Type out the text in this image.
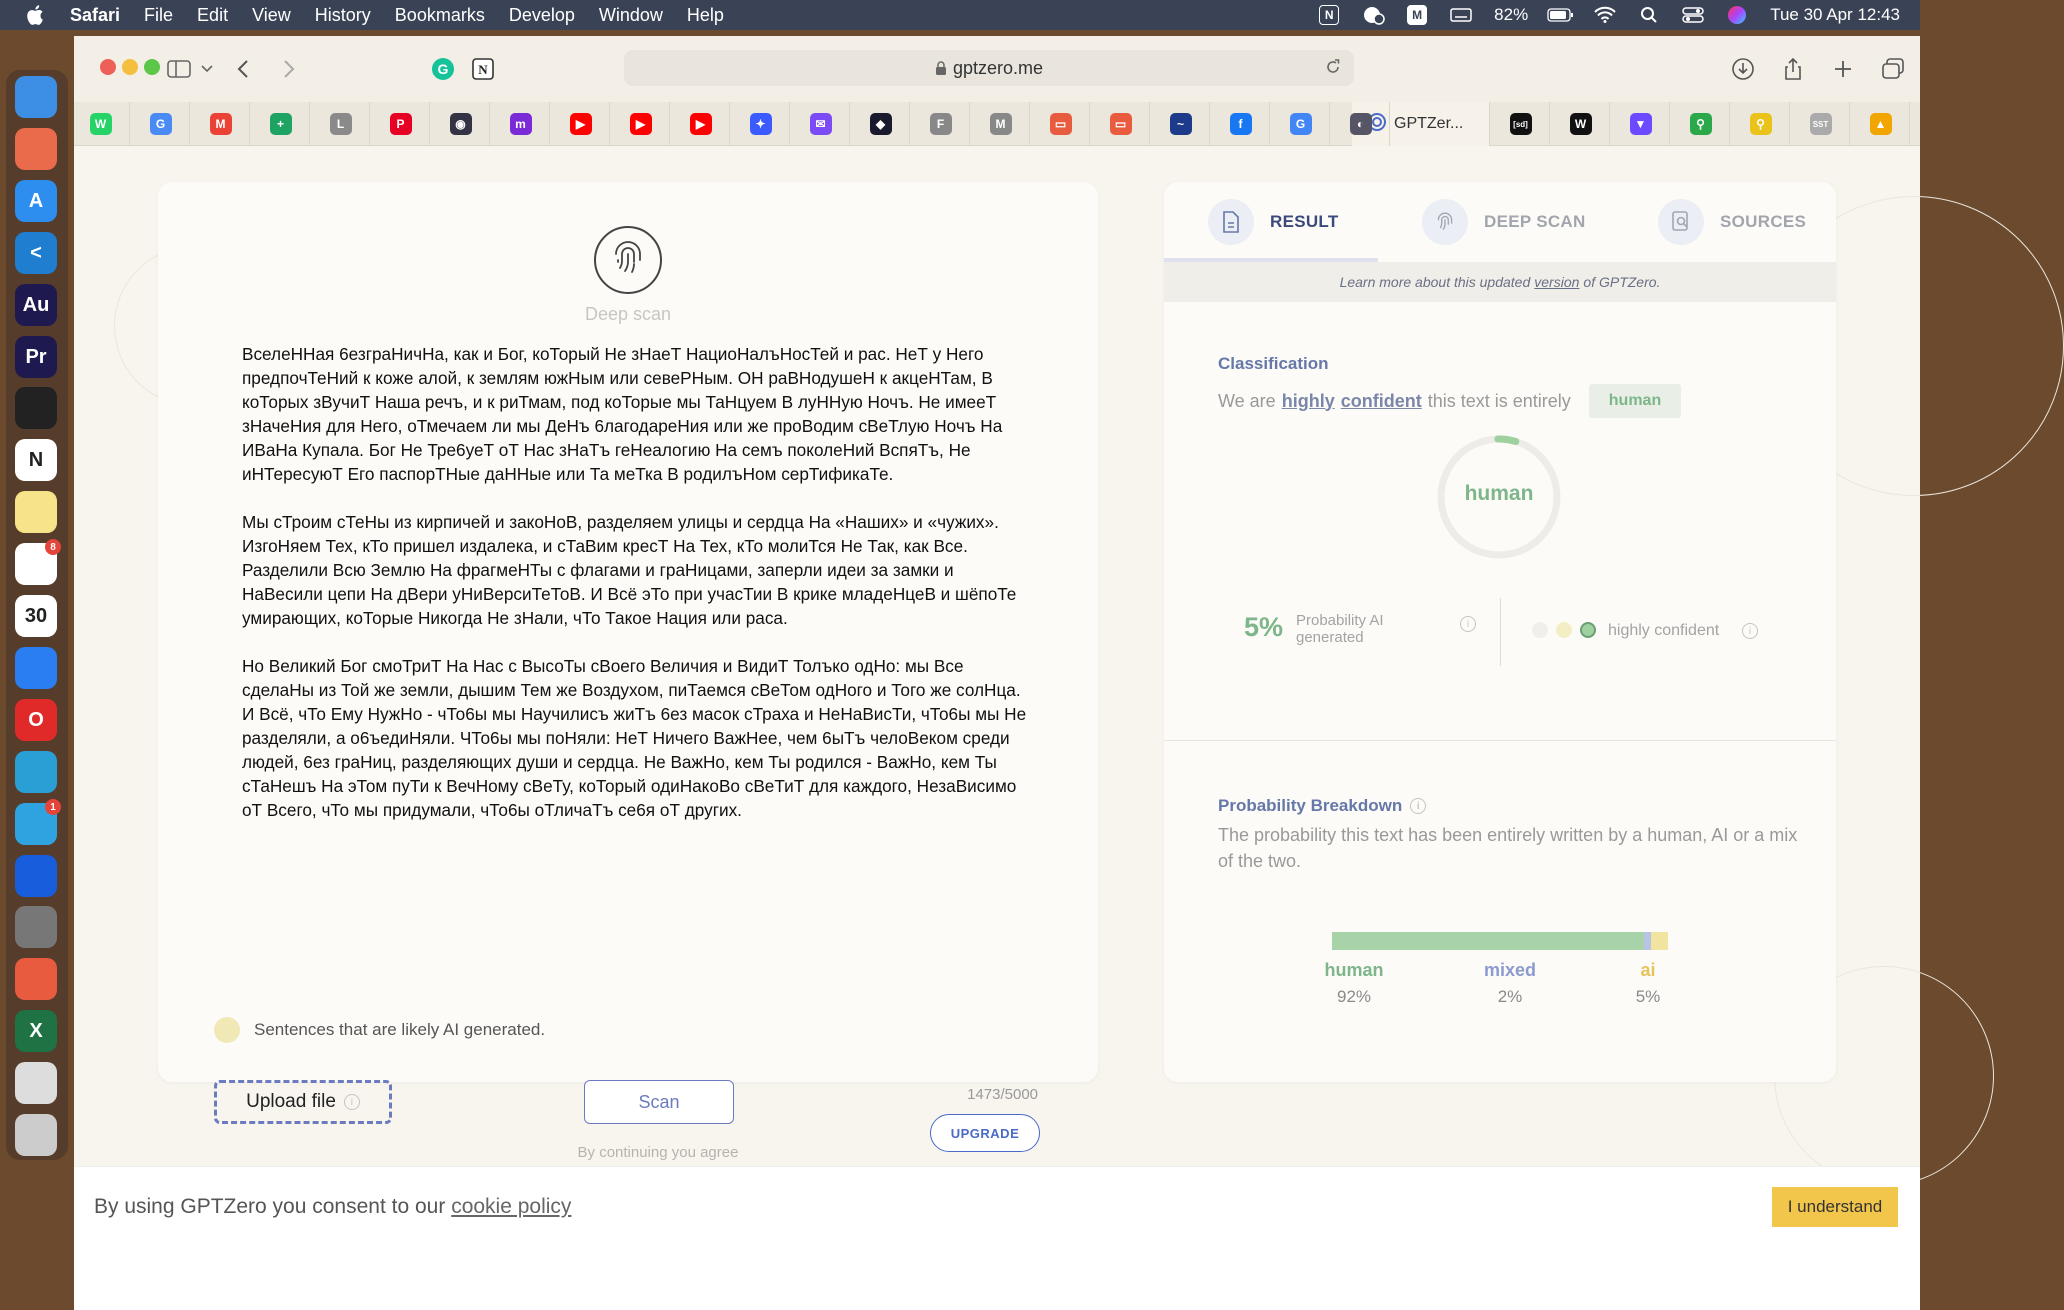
Safari File Edit View History Bookmarks Develop Window Help	N	M	82%	Tue 30 Apr 12:43
A
<
Au
Pr
N
8
30
O
1
X
G N	gptzero.me
GPTZer...
W	G	M	+	L	P	◉	m	▶	▶	▶	✦	✉	◆	F	M	▭	▭	~	f	G	◐	[sd]	W	▼	⚲	⚲	SST	▲
Deep scan

ВселеННая 6езграНичНа, как и Бог, коТорый Не зНаеТ НациоНалъНосТей и рас. НеТ у Него предпочТеНий к коже алой, к землям южНым или севеРНым. ОН раВНодушеН к акцеНТам, В коТорых зВучиТ Наша речъ, и к риТмам, под коТорые мы ТаНцуем В луННую Ночъ. Не имееТ зНачеНия для Него, оТмечаем ли мы ДеНъ 6лагодареНия или же проВодим сВеТлую Ночъ На ИВаНа Купала. Бог Не Тре6уеТ оТ Нас зНаТъ геНеалогию На семъ поколеНий ВспяТъ, Не иНТересуюТ Его паспорТНые даННые или Та меТка В родилъНом серТификаТе.

Мы сТроим сТеНы из кирпичей и закоНоВ, разделяем улицы и сердца На «Наших» и «чужих». ИзгоНяем Тех, кТо пришел издалека, и сТаВим кресТ На Тех, кТо молиТся Не Так, как Все. Разделили Всю Землю На фрагмеНТы с флагами и граНицами, заперли идеи за замки и НаВесили цепи На дВери уНиВерсиТеТоВ. И Всё эТо при учасТии В крике младеНцеВ и шёпоТе умирающих, коТорые Никогда Не зНали, чТо Такое Нация или раса.

Но Великий Бог смоТриТ На Нас с ВысоТы сВоего Величия и ВидиТ Толъко одНо: мы Все сделаНы из Той же земли, дышим Тем же Воздухом, пиТаемся сВеТом одНого и Того же солНца. И Всё, чТо Ему НужНо - чТо6ы мы Научилисъ жиТъ 6ез масок сТраха и НеНаВисТи, чТо6ы мы Не разделяли, а о6ъедиНяли. ЧТо6ы мы поНяли: НеТ Ничего ВажНее, чем 6ыТъ челоВеком среди людей, 6ез граНиц, разделяющих души и сердца. Не ВажНо, кем Ты родился - ВажНо, кем Ты сТаНешъ На эТом пуТи к ВечНому сВеТу, коТорый одиНакоВо сВеТиТ для каждого, НезаВисимо оТ Всего, чТо мы придумали, чТо6ы оТличаТъ се6я оТ других.

Sentences that are likely AI generated.
Upload file	i	Scan	1473/5000
UPGRADE
By continuing you agree
RESULT	DEEP SCAN	SOURCES
Learn more about this updated version of GPTZero.
Classification
We are highly confident this text is entirely	human
human
5% Probability AI generated
i	highly confident	i
Probability Breakdown	i
The probability this text has been entirely written by a human, AI or a mix of the two.
human
92%
mixed
2%
ai
5%
By using GPTZero you consent to our cookie policy	I understand
